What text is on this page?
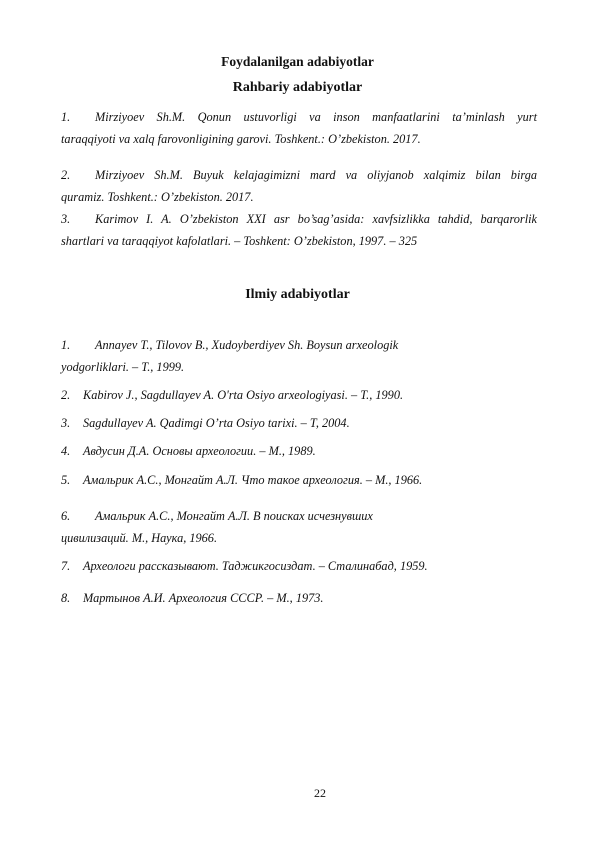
Foydalanilgan adabiyotlar
Rahbariy adabiyotlar
1. Mirziyoev Sh.M. Qonun ustuvorligi va inson manfaatlarini ta’minlash yurt
taraqqiyoti va xalq farovonligining garovi. Toshkent.: O’zbekiston. 2017.
2. Mirziyoev Sh.M. Buyuk kelajagimizni mard va oliyjanob xalqimiz bilan birga
quramiz. Toshkent.: O’zbekiston. 2017.
3. Karimov I. A. O’zbekiston XXI asr bo’sag’asida: xavfsizlikka tahdid, barqarorlik
shartlari va taraqqiyot kafolatlari. – Toshkent: O’zbekiston, 1997. – 325
Ilmiy adabiyotlar
1. Annayev T., Tilovov B., Xudoyberdiyev Sh. Boysun arxeologik
yodgorliklari. – T., 1999.
2. Kabirov J., Sagdullayev A. O'rta Osiyo arxeologiyasi. – T., 1990.
3. Sagdullayev A. Qadimgi O’rta Osiyo tarixi. – T, 2004.
4. Авдусин Д.А. Основы археологии. – М., 1989.
5. Амальрик А.С., Монгайт А.Л. Что такое археология. – М., 1966.
6. Амальрик А.С., Монгайт А.Л. В поисках исчезнувших
цивилизаций. М., Наука, 1966.
7. Археологи рассказывают. Таджикгосиздат. – Сталинабад, 1959.
8. Мартынов А.И. Археология СССР. – М., 1973.
22
